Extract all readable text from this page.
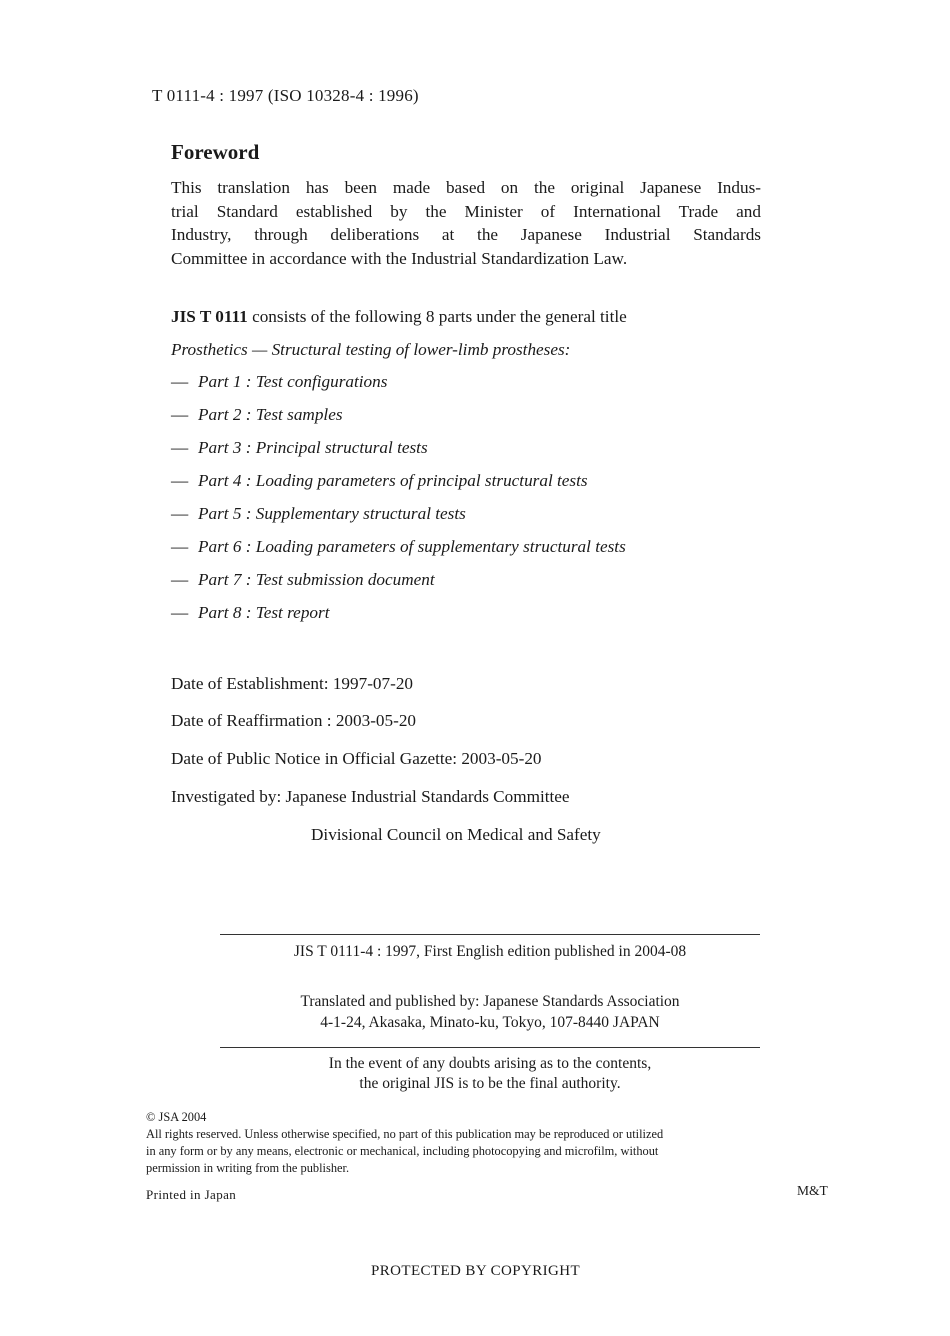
T 0111-4 : 1997 (ISO 10328-4 : 1996)
Foreword
This translation has been made based on the original Japanese Indus-
trial Standard established by the Minister of International Trade and
Industry, through deliberations at the Japanese Industrial Standards
Committee in accordance with the Industrial Standardization Law.
JIS T 0111 consists of the following 8 parts under the general title
Prosthetics — Structural testing of lower-limb prostheses:
— Part 1 : Test configurations
— Part 2 : Test samples
— Part 3 : Principal structural tests
— Part 4 : Loading parameters of principal structural tests
— Part 5 : Supplementary structural tests
— Part 6 : Loading parameters of supplementary structural tests
— Part 7 : Test submission document
— Part 8 : Test report
Date of Establishment: 1997-07-20
Date of Reaffirmation : 2003-05-20
Date of Public Notice in Official Gazette: 2003-05-20
Investigated by: Japanese Industrial Standards Committee
Divisional Council on Medical and Safety
JIS T 0111-4 : 1997, First English edition published in 2004-08
Translated and published by: Japanese Standards Association
4-1-24, Akasaka, Minato-ku, Tokyo, 107-8440 JAPAN
In the event of any doubts arising as to the contents,
the original JIS is to be the final authority.
© JSA 2004
All rights reserved. Unless otherwise specified, no part of this publication may be reproduced or utilized
in any form or by any means, electronic or mechanical, including photocopying and microfilm, without
permission in writing from the publisher.
Printed in Japan	M&T
PROTECTED BY COPYRIGHT
